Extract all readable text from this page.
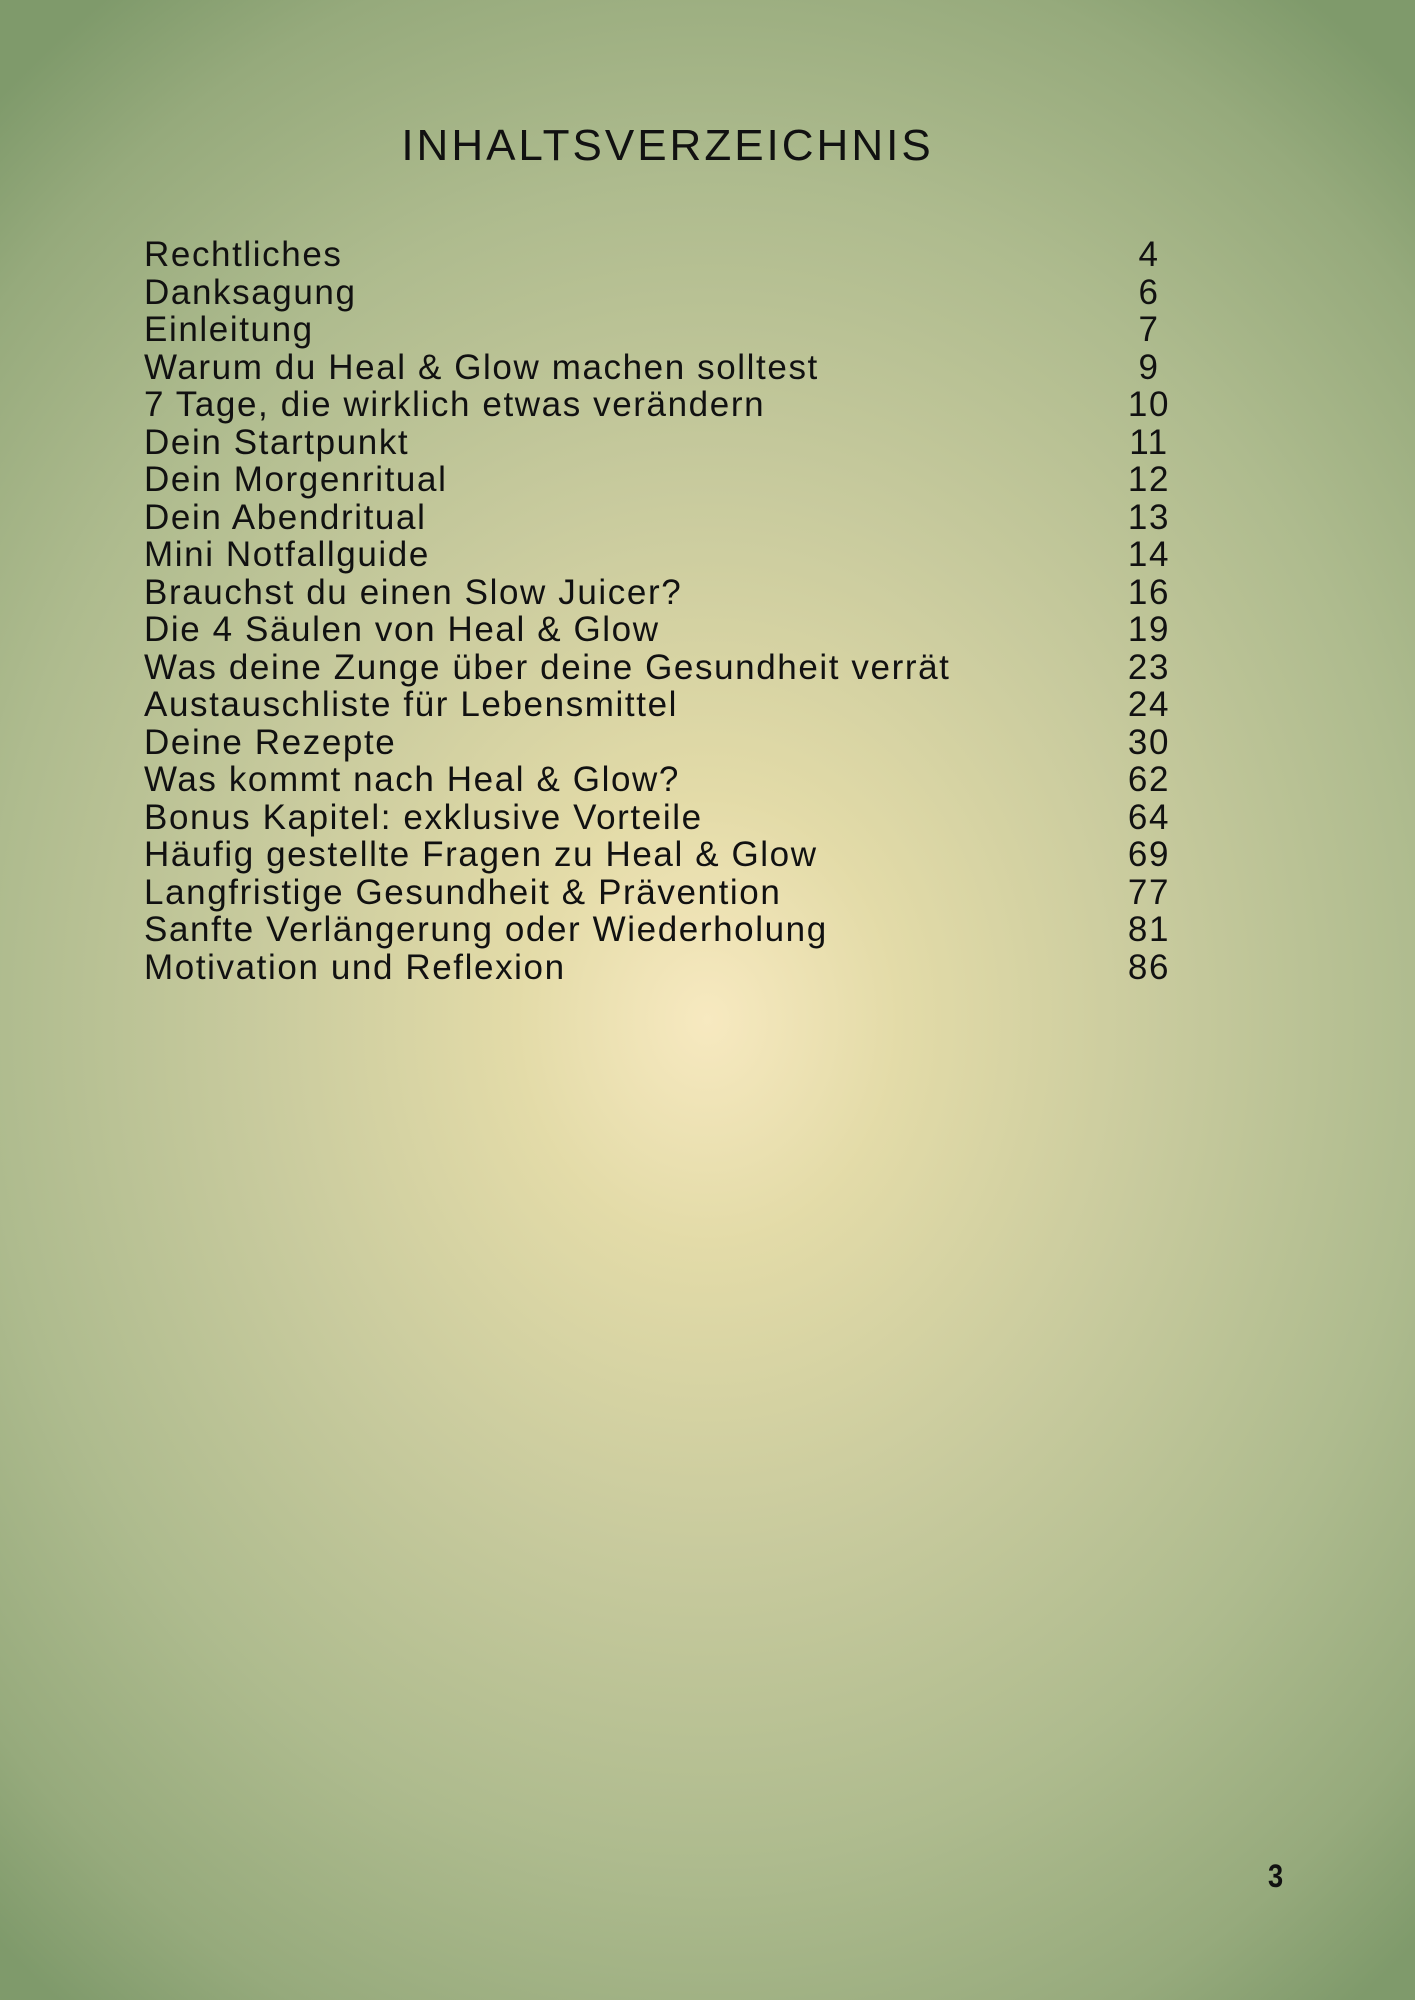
INHALTSVERZEICHNIS
Rechtliches	4
Danksagung	6
Einleitung	7
Warum du Heal & Glow machen solltest	9
7 Tage, die wirklich etwas verändern	10
Dein Startpunkt	11
Dein Morgenritual	12
Dein Abendritual	13
Mini Notfallguide	14
Brauchst du einen Slow Juicer?	16
Die 4 Säulen von Heal & Glow	19
Was deine Zunge über deine Gesundheit verrät	23
Austauschliste für Lebensmittel	24
Deine Rezepte	30
Was kommt nach Heal & Glow?	62
Bonus Kapitel: exklusive Vorteile	64
Häufig gestellte Fragen zu Heal & Glow	69
Langfristige Gesundheit & Prävention	77
Sanfte Verlängerung oder Wiederholung	81
Motivation und Reflexion	86
3
